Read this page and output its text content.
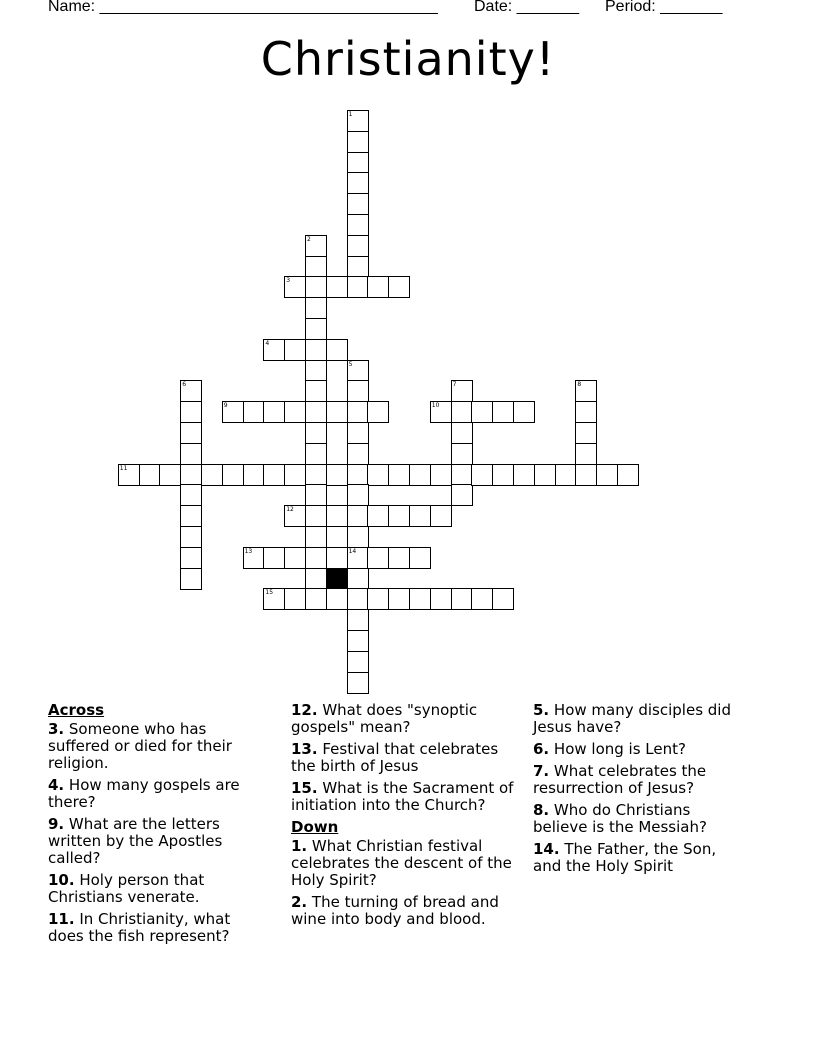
Name: ______________________________________ Date: _______ Period: _______
Christianity!
1
2
3
4
5
6
9
7
10
8
11
12
13	14
15
Across
3. Someone who has suffered or died for their religion.
4. How many gospels are there?
9. What are the letters written by the Apostles called?
10. Holy person that Christians venerate.
11. In Christianity, what does the fish represent?
12. What does "synoptic gospels" mean?
13. Festival that celebrates the birth of Jesus
15. What is the Sacrament of initiation into the Church?
Down
1. What Christian festival celebrates the descent of the Holy Spirit?
2. The turning of bread and wine into body and blood.
5. How many disciples did Jesus have?
6. How long is Lent?
7. What celebrates the resurrection of Jesus?
8. Who do Christians believe is the Messiah?
14. The Father, the Son, and the Holy Spirit
